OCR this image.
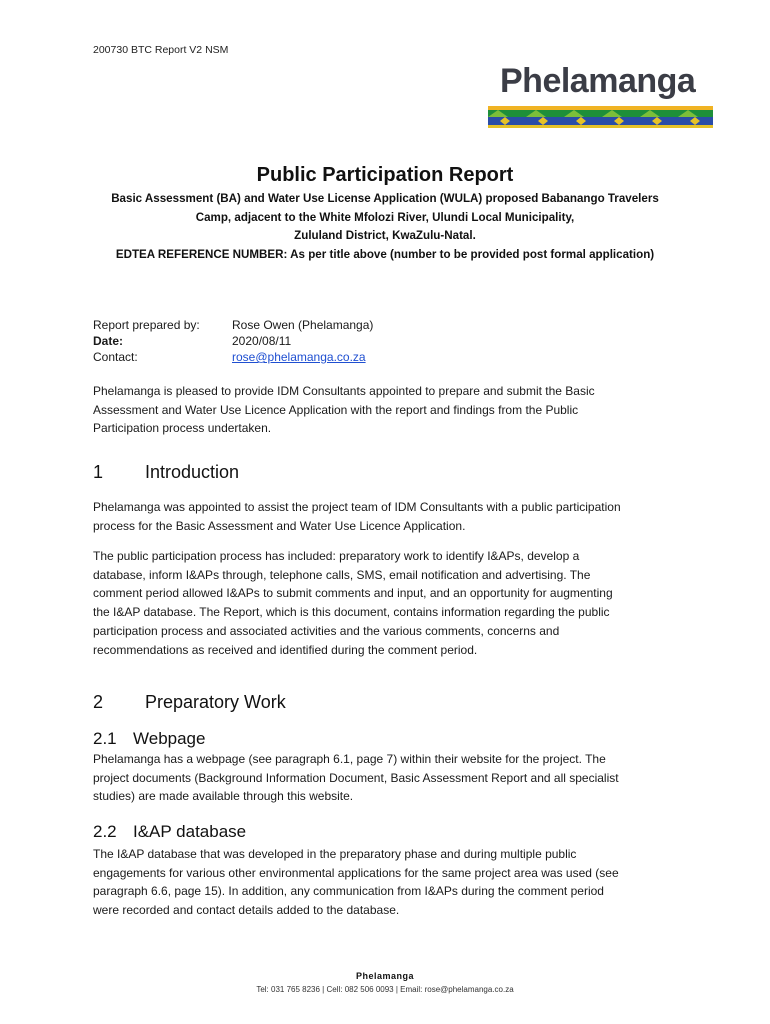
200730 BTC Report V2 NSM
Phelamanga
Public Participation Report
Basic Assessment (BA) and Water Use License Application (WULA) proposed Babanango Travelers
Camp, adjacent to the White Mfolozi River, Ulundi Local Municipality,
Zululand District, KwaZulu-Natal.
EDTEA REFERENCE NUMBER: As per title above (number to be provided post formal application)
Report prepared by:	Rose Owen (Phelamanga)
Date:	2020/08/11
Contact:	rose@phelamanga.co.za
Phelamanga is pleased to provide IDM Consultants appointed to prepare and submit the Basic
Assessment and Water Use Licence Application with the report and findings from the Public
Participation process undertaken.
1 Introduction
Phelamanga was appointed to assist the project team of IDM Consultants with a public participation
process for the Basic Assessment and Water Use Licence Application.
The public participation process has included: preparatory work to identify I&APs, develop a
database, inform I&APs through, telephone calls, SMS, email notification and advertising. The
comment period allowed I&APs to submit comments and input, and an opportunity for augmenting
the I&AP database. The Report, which is this document, contains information regarding the public
participation process and associated activities and the various comments, concerns and
recommendations as received and identified during the comment period.
2 Preparatory Work
2.1 Webpage
Phelamanga has a webpage (see paragraph 6.1, page 7) within their website for the project. The
project documents (Background Information Document, Basic Assessment Report and all specialist
studies) are made available through this website.
2.2 I&AP database
The I&AP database that was developed in the preparatory phase and during multiple public
engagements for various other environmental applications for the same project area was used (see
paragraph 6.6, page 15). In addition, any communication from I&APs during the comment period
were recorded and contact details added to the database.
Phelamanga
Tel: 031 765 8236 | Cell: 082 506 0093 | Email: rose@phelamanga.co.za
